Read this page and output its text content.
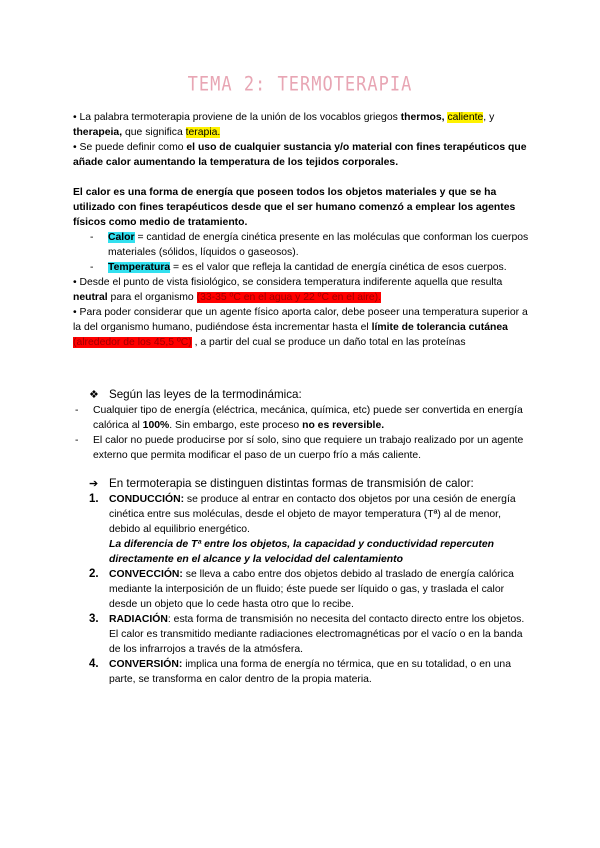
TEMA 2: TERMOTERAPIA

• La palabra termoterapia proviene de la unión de los vocablos griegos thermos, caliente, y therapeia, que significa terapia.

• Se puede definir como el uso de cualquier sustancia y/o material con fines terapéuticos que añade calor aumentando la temperatura de los tejidos corporales.

El calor es una forma de energía que poseen todos los objetos materiales y que se ha utilizado con fines terapéuticos desde que el ser humano comenzó a emplear los agentes físicos como medio de tratamiento.

- Calor = cantidad de energía cinética presente en las moléculas que conforman los cuerpos materiales (sólidos, líquidos o gaseosos).
- Temperatura = es el valor que refleja la cantidad de energía cinética de esos cuerpos.

• Desde el punto de vista fisiológico, se considera temperatura indiferente aquella que resulta neutral para el organismo (33-35 ºC en el agua y 22 ºC en el aire).

• Para poder considerar que un agente físico aporta calor, debe poseer una temperatura superior a la del organismo humano, pudiéndose ésta incrementar hasta el límite de tolerancia cutánea (alrededor de los 45,5 ºC) , a partir del cual se produce un daño total en las proteínas

❖ Según las leyes de la termodinámica:
- Cualquier tipo de energía (eléctrica, mecánica, química, etc) puede ser convertida en energía calórica al 100%. Sin embargo, este proceso no es reversible.
- El calor no puede producirse por sí solo, sino que requiere un trabajo realizado por un agente externo que permita modificar el paso de un cuerpo frío a más caliente.
➔ En termoterapia se distinguen distintas formas de transmisión de calor:
1. CONDUCCIÓN: se produce al entrar en contacto dos objetos por una cesión de energía cinética entre sus moléculas, desde el objeto de mayor temperatura (Tª) al de menor, debido al equilibrio energético.
La diferencia de Tª entre los objetos, la capacidad y conductividad repercuten directamente en el alcance y la velocidad del calentamiento
2. CONVECCIÓN: se lleva a cabo entre dos objetos debido al traslado de energía calórica mediante la interposición de un fluido; éste puede ser líquido o gas, y traslada el calor desde un objeto que lo cede hasta otro que lo recibe.
3. RADIACIÓN: esta forma de transmisión no necesita del contacto directo entre los objetos. El calor es transmitido mediante radiaciones electromagnéticas por el vacío o en la banda de los infrarrojos a través de la atmósfera.
4. CONVERSIÓN: implica una forma de energía no térmica, que en su totalidad, o en una parte, se transforma en calor dentro de la propia materia.
